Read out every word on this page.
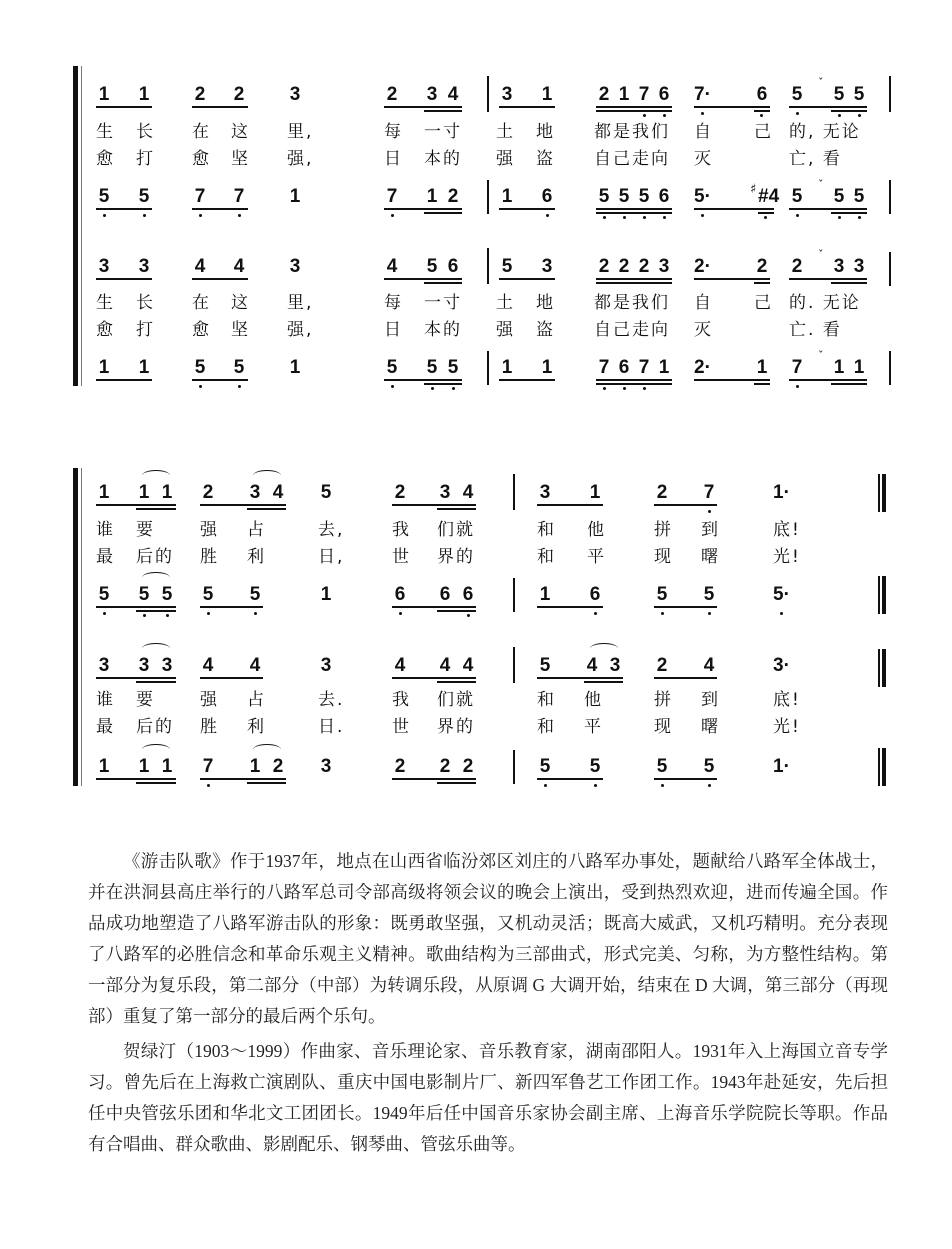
1 1 2 2 3	2 3 4 3 1 2 1 7 6 7·	6 5
ˇ
5 5
生 长 在 这 里,	每 一寸 土 地 都是我们 自 己 的, 无论
愈 打 愈 坚 强,	日 本的 强 盗 自己走向 灭	亡, 看
5 5 7 7 1	7 1 2 1 6 5 5 5 6 5·	♯ #4 5
ˇ
5 5
3 3 4 4 3	4 5 6 5 3 2 2 2 3 2·	2 2
ˇ
3 3
生 长 在 这 里,	每 一寸 土 地 都是我们 自 己 的. 无论
愈 打 愈 坚 强,	日 本的 强 盗 自己走向 灭	亡. 看
1 1 5 5 1	5 5 5 1 1 7 6 7 1 2·	1 7
ˇ
1 1
1 1 1 2 3 4 5	2 3 4	3 1	2 7	1·
谁 要	强 占	去,	我 们就	和 他	拼 到	底!
最 后的 胜 利	日,	世 界的	和 平	现 曙	光!
5 5 5 5 5	1	6 6 6	1 6	5 5	5·
3 3 3 4 4	3	4 4 4	5 4 3 2 4	3·
谁 要	强 占	去.	我 们就	和 他	拼 到	底!
最 后的 胜 利	日.	世 界的	和 平	现 曙	光!
1 1 1 7 1 2 3	2 2 2	5 5	5 5	1·

《游击队歌》作于1937年，地点在山西省临汾郊区刘庄的八路军办事处，题献给八路军全体战士，并在洪洞县高庄举行的八路军总司令部高级将领会议的晚会上演出，受到热烈欢迎，进而传遍全国。作品成功地塑造了八路军游击队的形象：既勇敢坚强，又机动灵活；既高大威武，又机巧精明。充分表现了八路军的必胜信念和革命乐观主义精神。歌曲结构为三部曲式，形式完美、匀称，为方整性结构。第一部分为复乐段，第二部分（中部）为转调乐段，从原调 G 大调开始，结束在 D 大调，第三部分（再现部）重复了第一部分的最后两个乐句。

贺绿汀（1903～1999）作曲家、音乐理论家、音乐教育家，湖南邵阳人。1931年入上海国立音专学习。曾先后在上海救亡演剧队、重庆中国电影制片厂、新四军鲁艺工作团工作。1943年赴延安，先后担任中央管弦乐团和华北文工团团长。1949年后任中国音乐家协会副主席、上海音乐学院院长等职。作品有合唱曲、群众歌曲、影剧配乐、钢琴曲、管弦乐曲等。
